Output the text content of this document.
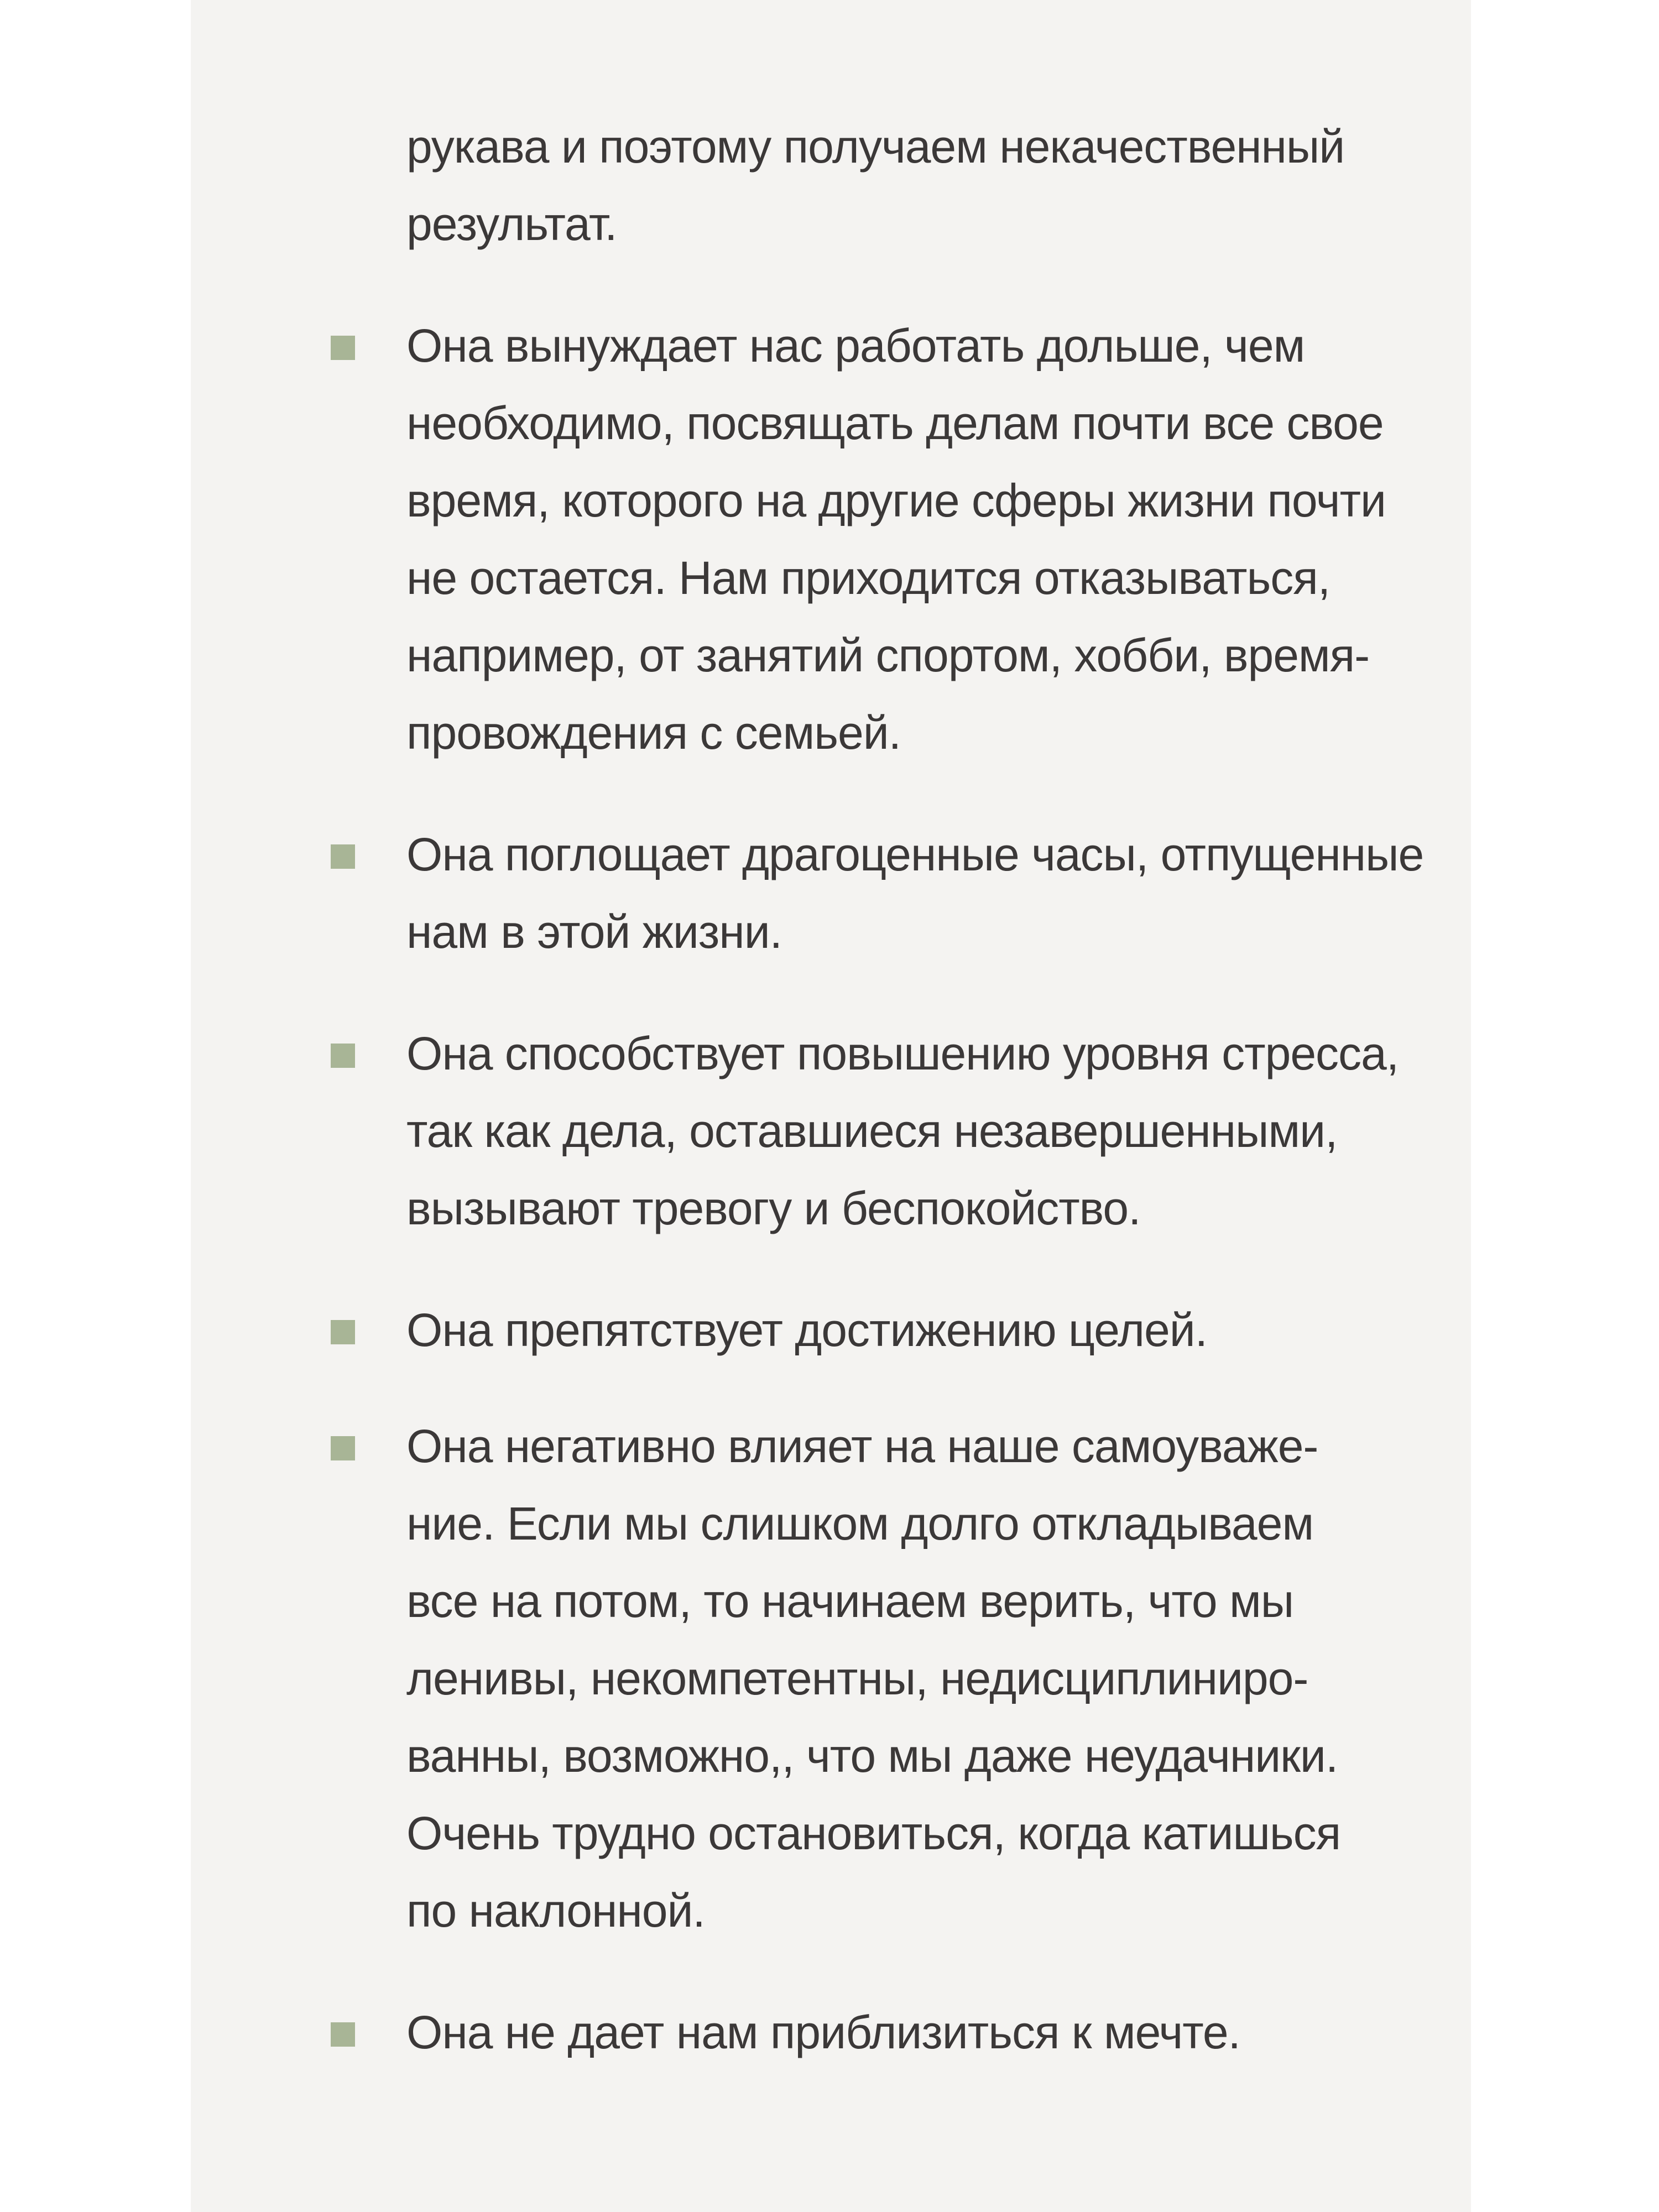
рукава и поэтому получаем некачественный
результат.
Она вынуждает нас работать дольше, чем
необходимо, посвящать делам почти все свое
время, которого на другие сферы жизни почти
не остается. Нам приходится отказываться,
например, от занятий спортом, хобби, время-
провождения с семьей.
Она поглощает драгоценные часы, отпущенные
нам в этой жизни.
Она способствует повышению уровня стресса,
так как дела, оставшиеся незавершенными,
вызывают тревогу и беспокойство.
Она препятствует достижению целей.
Она негативно влияет на наше самоуваже-
ние. Если мы слишком долго откладываем
все на потом, то начинаем верить, что мы
ленивы, некомпетентны, недисциплиниро-
ванны, возможно,, что мы даже неудачники.
Очень трудно остановиться, когда катишься
по наклонной.
Она не дает нам приблизиться к мечте.
